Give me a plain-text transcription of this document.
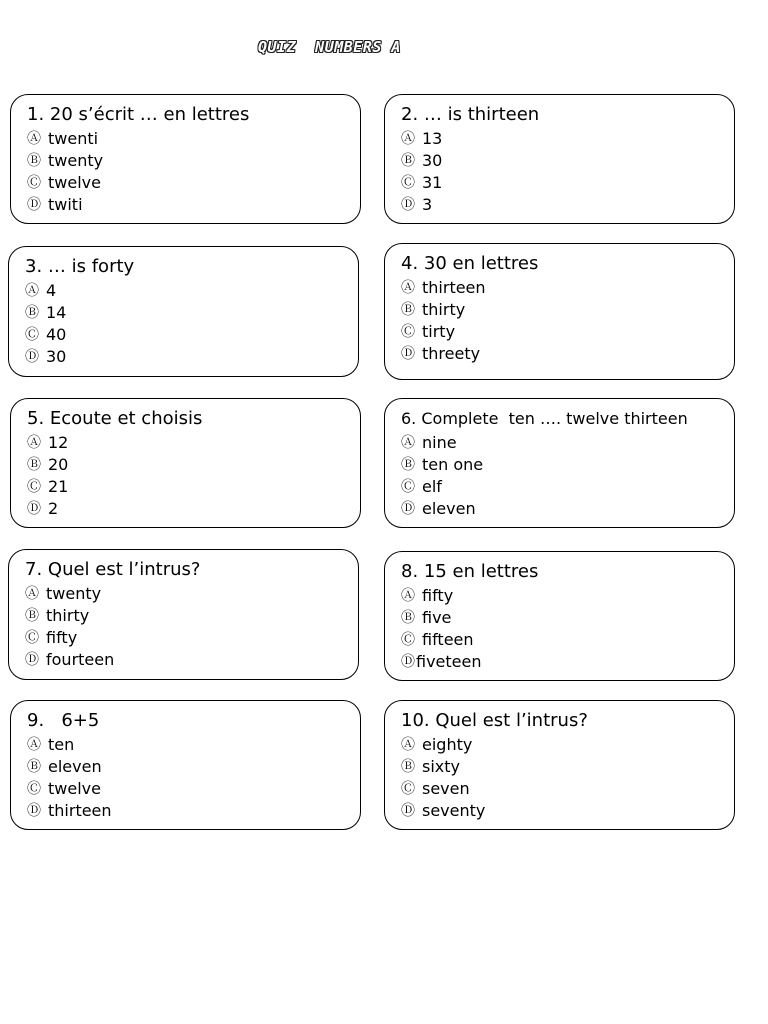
QUIZ  NUMBERS A
1. 20 s’écrit … en lettres
Ⓐ twenti
Ⓑ twenty
Ⓒ twelve
Ⓓ twiti
2. … is thirteen
Ⓐ 13
Ⓑ 30
Ⓒ 31
Ⓓ 3
3. … is forty
Ⓐ 4
Ⓑ 14
Ⓒ 40
Ⓓ 30
4. 30 en lettres
Ⓐ thirteen
Ⓑ thirty
Ⓒ tirty
Ⓓ threety
5. Ecoute et choisis
Ⓐ 12
Ⓑ 20
Ⓒ 21
Ⓓ 2
6. Complete  ten …. twelve thirteen
Ⓐ nine
Ⓑ ten one
Ⓒ elf
Ⓓ eleven
7. Quel est l’intrus?
Ⓐ twenty
Ⓑ thirty
Ⓒ fifty
Ⓓ fourteen
8. 15 en lettres
Ⓐ fifty
Ⓑ five
Ⓒ fifteen
Ⓓ fiveteen
9.   6+5
Ⓐ ten
Ⓑ eleven
Ⓒ twelve
Ⓓ thirteen
10. Quel est l’intrus?
Ⓐ eighty
Ⓑ sixty
Ⓒ seven
Ⓓ seventy
